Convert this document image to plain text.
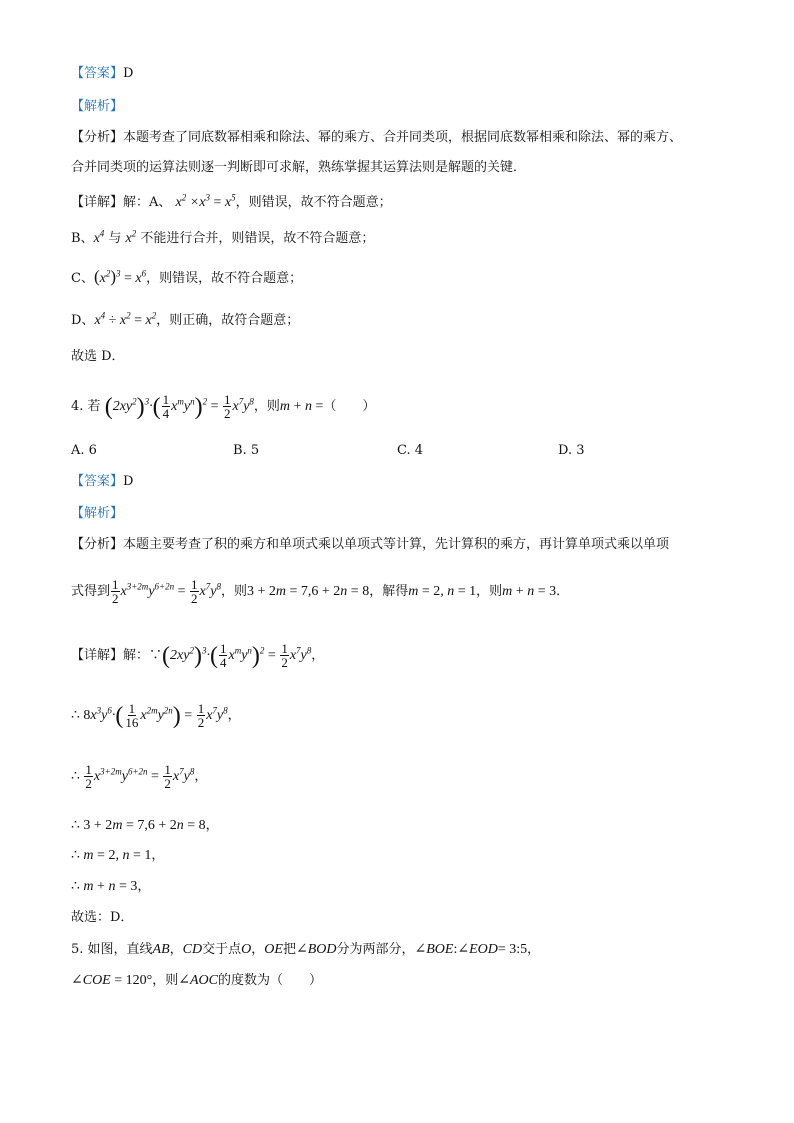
【答案】D
【解析】
【分析】本题考查了同底数幂相乘和除法、幂的乘方、合并同类项，根据同底数幂相乘和除法、幂的乘方、
合并同类项的运算法则逐一判断即可求解，熟练掌握其运算法则是解题的关键．
【详解】解：A、 $x^2 \times x^3 = x^5$，则错误，故不符合题意；
B、$x^4$ 与 $x^2$ 不能进行合并，则错误，故不符合题意；
C、$(x^2)^3 = x^6$，则错误，故不符合题意；
D、$x^4 \div x^2 = x^2$，则正确，故符合题意；
故选 D．
4. 若 $(2xy^2)^3\cdot( \frac{1}{4} x^my^n)^2 = \frac{1}{2} x^7y^8$，则m + n =（　　）
A. 6	B. 5	C. 4	D. 3
【答案】D
【解析】
【分析】本题主要考查了积的乘方和单项式乘以单项式等计算，先计算积的乘方，再计算单项式乘以单项
式得到 $\frac{1}{2} x^{3+2m}y^{6+2n} = \frac{1}{2} x^7y^8$，则3 + 2m = 7,6 + 2n = 8，解得m = 2, n = 1，则m + n = 3．
【详解】解：$\because(2xy^2)^3\cdot( \frac{1}{4} x^my^n)^2 = \frac{1}{2} x^7y^8$，
∴ $8x^3y^6\cdot( \frac{1}{16} x^{2m}y^{2n}) = \frac{1}{2} x^7y^8$，
∴ $\frac{1}{2} x^{3+2m}y^{6+2n} = \frac{1}{2} x^7y^8$，
∴ 3 + 2m = 7,6 + 2n = 8，
∴ m = 2, n = 1，
∴ m + n = 3，
故选：D．
5. 如图，直线AB，CD交于点O，OE把∠BOD分为两部分，∠BOE:∠EOD= 3:5，
∠COE = 120°，则∠AOC的度数为（　　）
